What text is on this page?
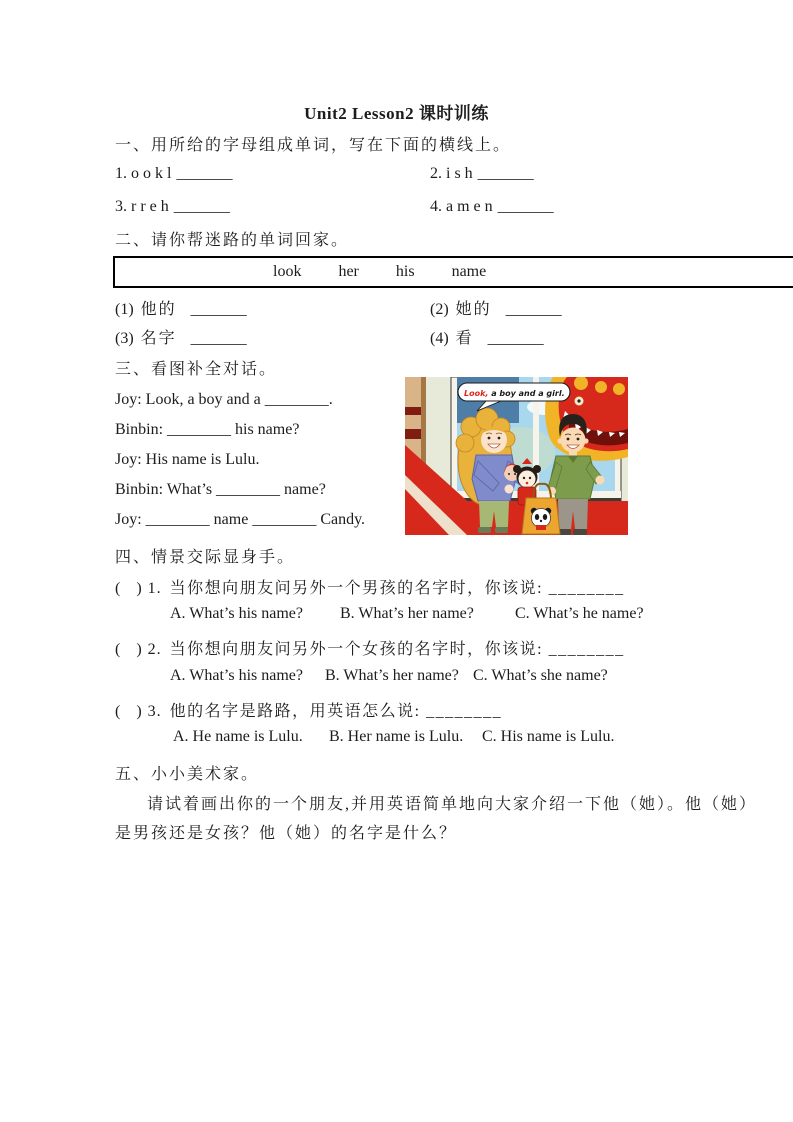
Unit2 Lesson2 课时训练
一、用所给的字母组成单词，写在下面的横线上。
1. o o k l _______	2. i s h _______
3. r r e h _______	4. a m e n _______
二、请你帮迷路的单词回家。
look her his name
(1) 他的 _______	(2) 她的 _______
(3) 名字 _______	(4) 看 _______
三、看图补全对话。
Joy: Look, a boy and a ________.
Binbin: ________ his name?
Joy: His name is Lulu.
Binbin: What’s ________ name?
Joy: ________ name ________ Candy.
Look, a boy and a girl.
四、情景交际显身手。
(   ) 1. 当你想向朋友问另外一个男孩的名字时，你该说: ________
A. What’s his name? B. What’s her name?	C. What’s he name?
(   ) 2. 当你想向朋友问另外一个女孩的名字时，你该说: ________
A. What’s his name? B. What’s her name? C. What’s she name?
(   ) 3. 他的名字是路路，用英语怎么说: ________
A. He name is Lulu. B. Her name is Lulu. C. His name is Lulu.
五、小小美术家。
请试着画出你的一个朋友,并用英语简单地向大家介绍一下他（她）。他（她）
是男孩还是女孩？他（她）的名字是什么？
